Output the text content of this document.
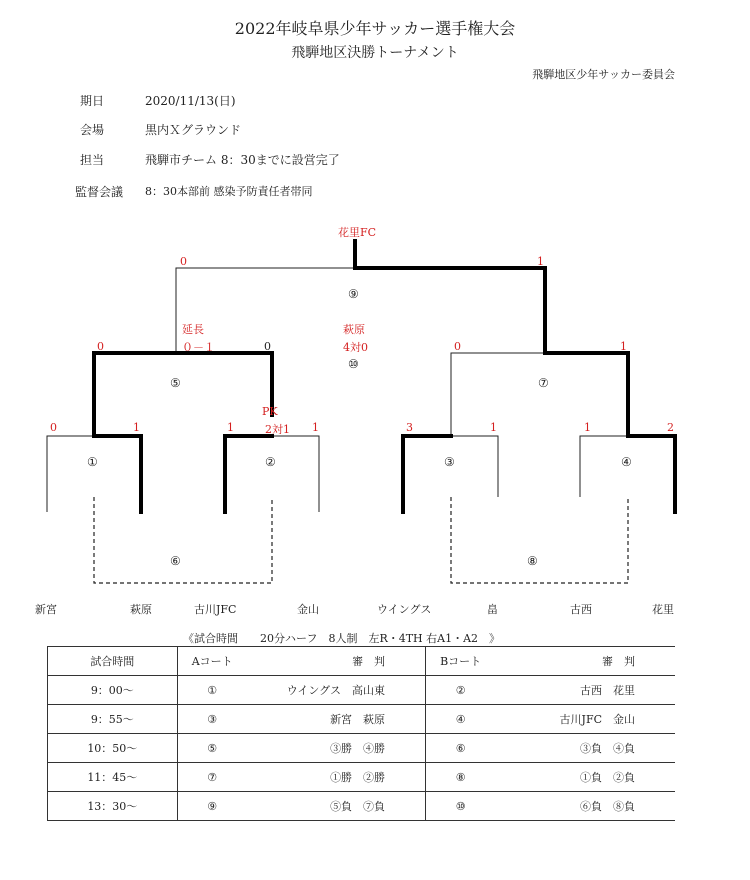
2022年岐阜県少年サッカー選手権大会
飛騨地区決勝トーナメント
飛騨地区少年サッカー委員会
期日	2020/11/13(日)
会場	黒内Ｘグラウンド
担当	飛騨市チーム 8：30までに設営完了
監督会議 8：30本部前 感染予防責任者帯同
花里FC
0	1
⑨
延長
０－１
萩原
4対0
⑩
0	0	0	1
⑤	⑦
PK
2対1
0	1	1	1	3	1	1	2
①	②	③	④
⑥	⑧
新宮	萩原	古川JFC	金山	ウイングス	畠	古西	花里
《試合時間　　20分ハーフ　8人制　左R・4TH 右A1・A2　》
試合時間	Aコート	審　判	Bコート	審　判
9：00～	①	ウイングス　高山東	②	古西　花里
9：55～	③	新宮　萩原	④	古川JFC　金山
10：50～	⑤	③勝　④勝	⑥	③負　④負
11：45～	⑦	①勝　②勝	⑧	①負　②負
13：30～	⑨	⑤負　⑦負	⑩	⑥負　⑧負
